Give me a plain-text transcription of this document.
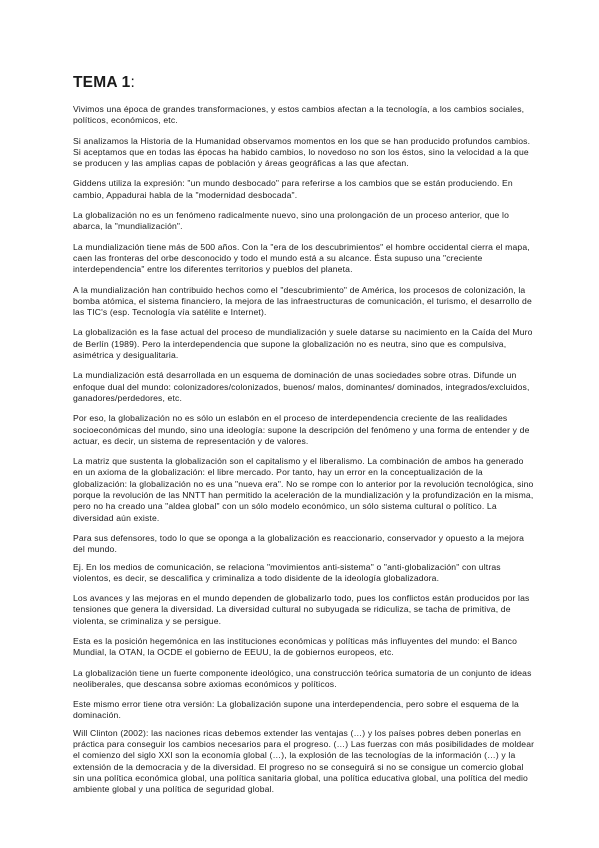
TEMA 1:

Vivimos una época de grandes transformaciones, y estos cambios afectan a la tecnología, a los cambios sociales, políticos, económicos, etc.

Si analizamos la Historia de la Humanidad observamos momentos en los que se han producido profundos cambios. Si aceptamos que en todas las épocas ha habido cambios, lo novedoso no son los éstos, sino la velocidad a la que se producen y las amplias capas de población y áreas geográficas a las que afectan.

Giddens utiliza la expresión: "un mundo desbocado" para referirse a los cambios que se están produciendo. En cambio, Appadurai habla de la "modernidad desbocada".

La globalización no es un fenómeno radicalmente nuevo, sino una prolongación de un proceso anterior, que lo abarca, la "mundialización".

La mundialización tiene más de 500 años. Con la "era de los descubrimientos" el hombre occidental cierra el mapa, caen las fronteras del orbe desconocido y todo el mundo está a su alcance. Ésta supuso una "creciente interdependencia" entre los diferentes territorios y pueblos del planeta.

A la mundialización han contribuido hechos como el "descubrimiento" de América, los procesos de colonización, la bomba atómica, el sistema financiero, la mejora de las infraestructuras de comunicación, el turismo, el desarrollo de las TIC's (esp. Tecnología vía satélite e Internet).

La globalización es la fase actual del proceso de mundialización y suele datarse su nacimiento en la Caída del Muro de Berlín (1989). Pero la interdependencia que supone la globalización no es neutra, sino que es compulsiva, asimétrica y desigualitaria.

La mundialización está desarrollada en un esquema de dominación de unas sociedades sobre otras. Difunde un enfoque dual del mundo: colonizadores/colonizados, buenos/ malos, dominantes/ dominados, integrados/excluidos, ganadores/perdedores, etc.

Por eso, la globalización no es sólo un eslabón en el proceso de interdependencia creciente de las realidades socioeconómicas del mundo, sino una ideología: supone la descripción del fenómeno y una forma de entender y de actuar, es decir, un sistema de representación y de valores.

La matriz que sustenta la globalización son el capitalismo y el liberalismo. La combinación de ambos ha generado en un axioma de la globalización: el libre mercado. Por tanto, hay un error en la conceptualización de la globalización: la globalización no es una "nueva era". No se rompe con lo anterior por la revolución tecnológica, sino porque la revolución de las NNTT han permitido la aceleración de la mundialización y la profundización en la misma, pero no ha creado una "aldea global" con un sólo modelo económico, un sólo sistema cultural o político. La diversidad aún existe.

Para sus defensores, todo lo que se oponga a la globalización es reaccionario, conservador y opuesto a la mejora del mundo.

Ej. En los medios de comunicación, se relaciona "movimientos anti-sistema" o "anti-globalización" con ultras violentos, es decir, se descalifica y criminaliza a todo disidente de la ideología globalizadora.

Los avances y las mejoras en el mundo dependen de globalizarlo todo, pues los conflictos están producidos por las tensiones que genera la diversidad. La diversidad cultural no subyugada se ridiculiza, se tacha de primitiva, de violenta, se criminaliza y se persigue.

Esta es la posición hegemónica en las instituciones económicas y políticas más influyentes del mundo: el Banco Mundial, la OTAN, la OCDE el gobierno de EEUU, la de gobiernos europeos, etc.

La globalización tiene un fuerte componente ideológico, una construcción teórica sumatoria de un conjunto de ideas neoliberales, que descansa sobre axiomas económicos y políticos.

Este mismo error tiene otra versión: La globalización supone una interdependencia, pero sobre el esquema de la dominación.

Will Clinton (2002): las naciones ricas debemos extender las ventajas (…) y los países pobres deben ponerlas en práctica para conseguir los cambios necesarios para el progreso. (…) Las fuerzas con más posibilidades de moldear el comienzo del siglo XXI son la economía global (…), la explosión de las tecnologías de la información (…) y la extensión de la democracia y de la diversidad. El progreso no se conseguirá si no se consigue un comercio global sin una política económica global, una política sanitaria global, una política educativa global, una política del medio ambiente global y una política de seguridad global.
